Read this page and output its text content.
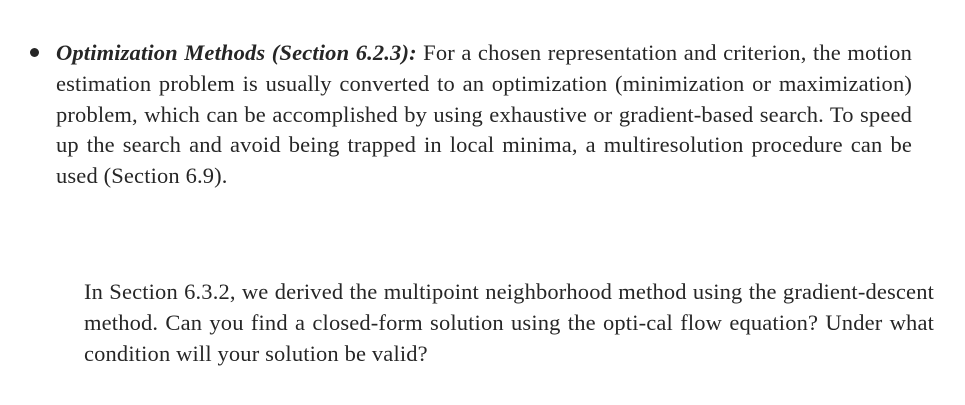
Optimization Methods (Section 6.2.3): For a chosen representation and criterion, the motion estimation problem is usually converted to an optimization (minimization or maximization) problem, which can be accomplished by using exhaustive or gradient-based search. To speed up the search and avoid being trapped in local minima, a multiresolution procedure can be used (Section 6.9).

In Section 6.3.2, we derived the multipoint neighborhood method using the gradient-descent method. Can you find a closed-form solution using the opti-cal flow equation? Under what condition will your solution be valid?
